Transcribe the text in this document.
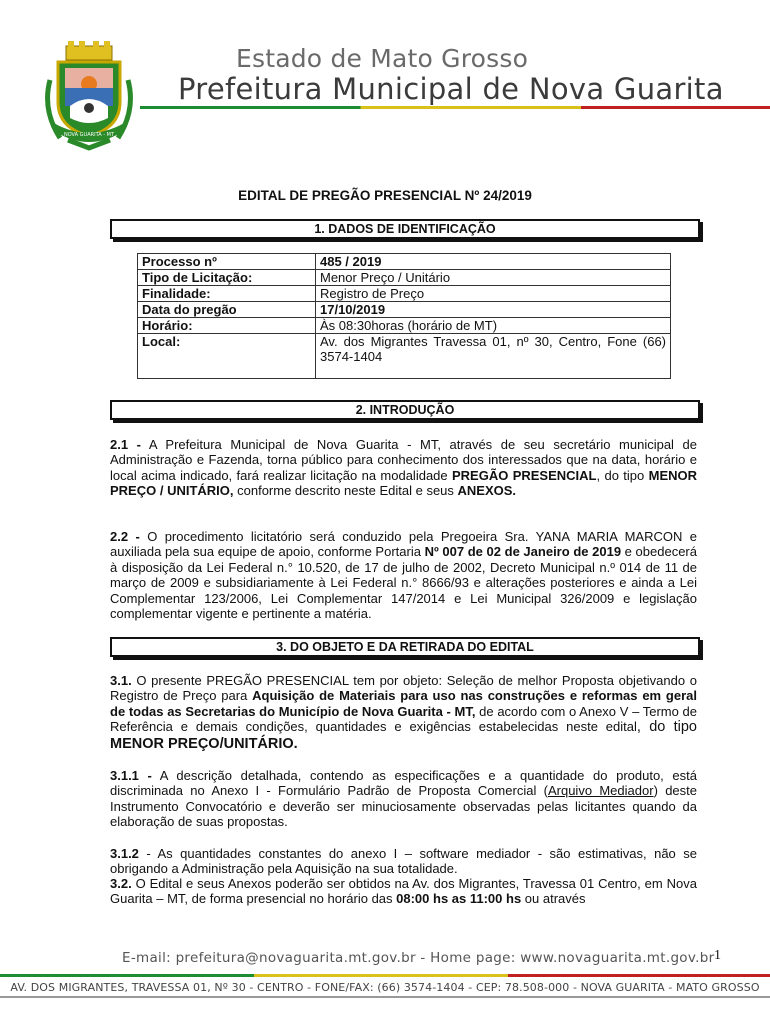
NOVA GUARITA - MT
Estado de Mato Grosso
Prefeitura Municipal de Nova Guarita
EDITAL DE PREGÃO PRESENCIAL Nº 24/2019
1. DADOS DE IDENTIFICAÇÃO
Processo nº	485 / 2019
Tipo de Licitação:	Menor Preço / Unitário
Finalidade:	Registro de Preço
Data do pregão	17/10/2019
Horário:	Às 08:30horas (horário de MT)
Local:	Av. dos Migrantes Travessa 01, nº 30, Centro, Fone (66) 3574-1404
2. INTRODUÇÃO
2.1 - A Prefeitura Municipal de Nova Guarita - MT, através de seu secretário municipal de Administração e Fazenda, torna público para conhecimento dos interessados que na data, horário e local acima indicado, fará realizar licitação na modalidade PREGÃO PRESENCIAL, do tipo MENOR PREÇO / UNITÁRIO, conforme descrito neste Edital e seus ANEXOS.
2.2 - O procedimento licitatório será conduzido pela Pregoeira Sra. YANA MARIA MARCON e auxiliada pela sua equipe de apoio, conforme Portaria Nº 007 de 02 de Janeiro de 2019 e obedecerá à disposição da Lei Federal n.° 10.520, de 17 de julho de 2002, Decreto Municipal n.º 014 de 11 de março de 2009 e subsidiariamente à Lei Federal n.° 8666/93 e alterações posteriores e ainda a Lei Complementar 123/2006, Lei Complementar 147/2014 e Lei Municipal 326/2009 e legislação complementar vigente e pertinente a matéria.
3. DO OBJETO E DA RETIRADA DO EDITAL
3.1. O presente PREGÃO PRESENCIAL tem por objeto: Seleção de melhor Proposta objetivando o Registro de Preço para Aquisição de Materiais para uso nas construções e reformas em geral de todas as Secretarias do Município de Nova Guarita - MT, de acordo com o Anexo V – Termo de Referência e demais condições, quantidades e exigências estabelecidas neste edital, do tipo MENOR PREÇO/UNITÁRIO.
3.1.1 - A descrição detalhada, contendo as especificações e a quantidade do produto, está discriminada no Anexo I - Formulário Padrão de Proposta Comercial (Arquivo Mediador) deste Instrumento Convocatório e deverão ser minuciosamente observadas pelas licitantes quando da elaboração de suas propostas.
3.1.2 - As quantidades constantes do anexo I – software mediador - são estimativas, não se obrigando a Administração pela Aquisição na sua totalidade.
3.2. O Edital e seus Anexos poderão ser obtidos na Av. dos Migrantes, Travessa 01 Centro, em Nova Guarita – MT, de forma presencial no horário das 08:00 hs as 11:00 hs ou através
E-mail: prefeitura@novaguarita.mt.gov.br - Home page: www.novaguarita.mt.gov.br 1
AV. DOS MIGRANTES, TRAVESSA 01, Nº 30 - CENTRO - FONE/FAX: (66) 3574-1404 - CEP: 78.508-000 - NOVA GUARITA - MATO GROSSO
